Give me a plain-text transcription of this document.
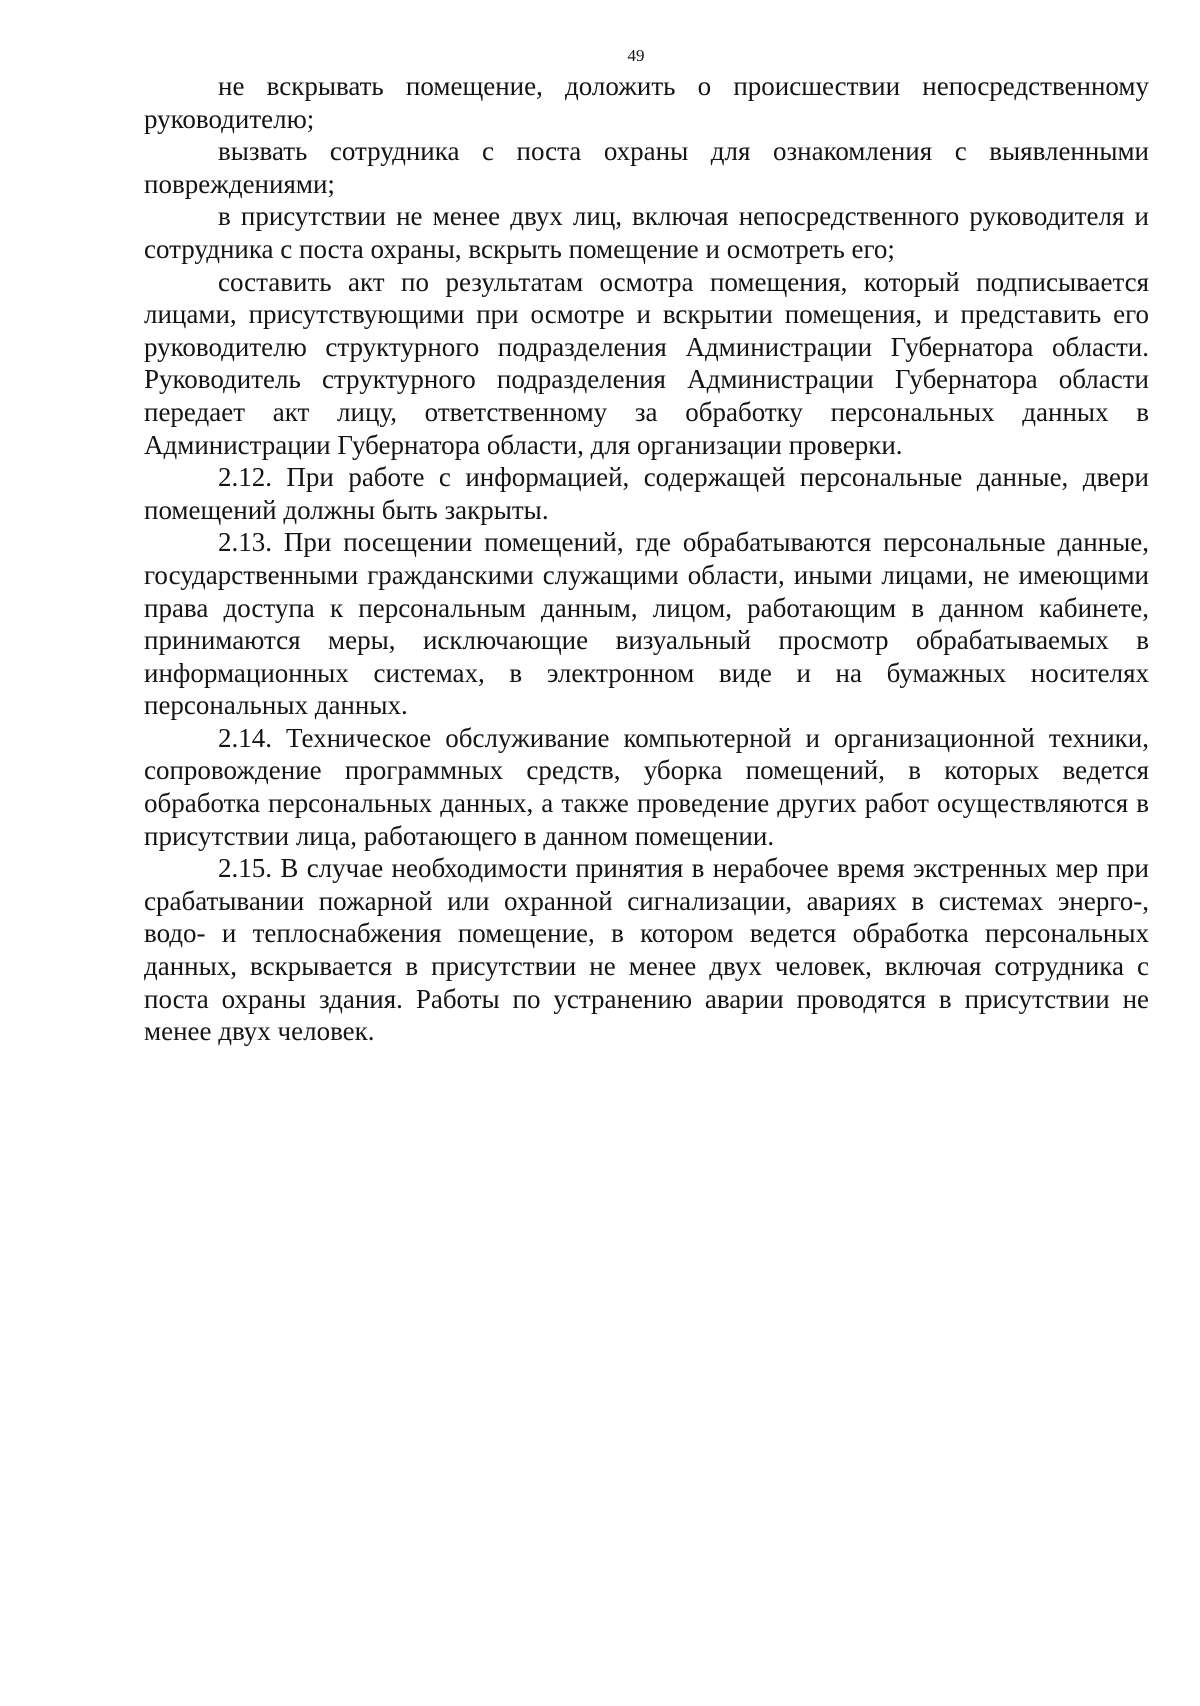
49

не вскрывать помещение, доложить о происшествии непосредственному руководителю;

вызвать сотрудника с поста охраны для ознакомления с выявленными повреждениями;

в присутствии не менее двух лиц, включая непосредственного руководителя и сотрудника с поста охраны, вскрыть помещение и осмотреть его;

составить акт по результатам осмотра помещения, который подписывается лицами, присутствующими при осмотре и вскрытии помещения, и представить его руководителю структурного подразделения Администрации Губернатора области. Руководитель структурного подразделения Администрации Губернатора области передает акт лицу, ответственному за обработку персональных данных в Администрации Губернатора области, для организации проверки.

2.12. При работе с информацией, содержащей персональные данные, двери помещений должны быть закрыты.

2.13. При посещении помещений, где обрабатываются персональные данные, государственными гражданскими служащими области, иными лицами, не имеющими права доступа к персональным данным, лицом, работающим в данном кабинете, принимаются меры, исключающие визуальный просмотр обрабатываемых в информационных системах, в электронном виде и на бумажных носителях персональных данных.

2.14. Техническое обслуживание компьютерной и организационной техники, сопровождение программных средств, уборка помещений, в которых ведется обработка персональных данных, а также проведение других работ осуществляются в присутствии лица, работающего в данном помещении.

2.15. В случае необходимости принятия в нерабочее время экстренных мер при срабатывании пожарной или охранной сигнализации, авариях в системах энерго-, водо- и теплоснабжения помещение, в котором ведется обработка персональных данных, вскрывается в присутствии не менее двух человек, включая сотрудника с поста охраны здания. Работы по устранению аварии проводятся в присутствии не менее двух человек.
